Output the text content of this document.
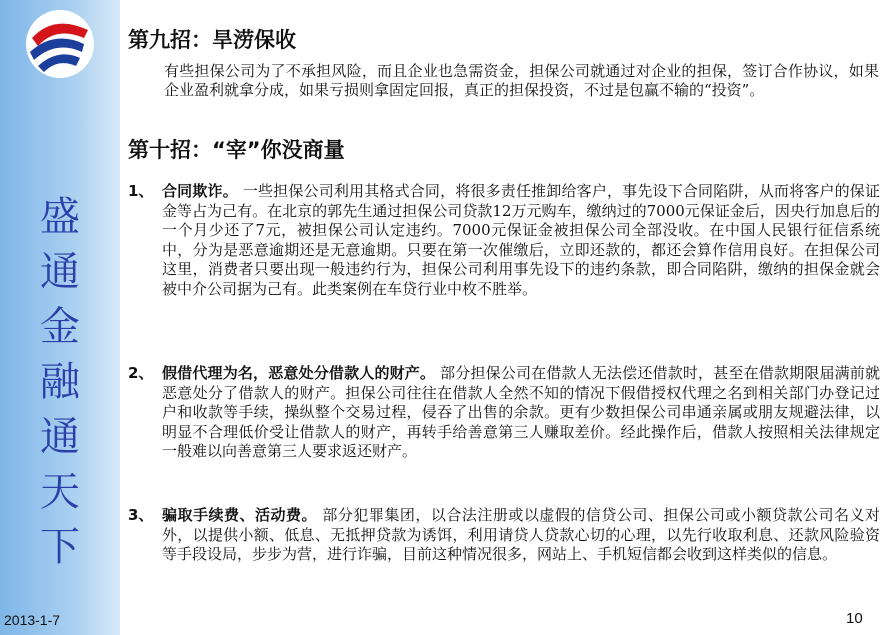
盛
通
金
融
通
天
下
2013-1-7
第九招：旱涝保收
有些担保公司为了不承担风险，而且企业也急需资金，担保公司就通过对企业的担保，签订合作协议，如果企业盈利就拿分成，如果亏损则拿固定回报，真正的担保投资，不过是包赢不输的“投资”。
第十招：“宰”你没商量
1、 合同欺诈。 一些担保公司利用其格式合同，将很多责任推卸给客户，事先设下合同陷阱，从而将客户的保证金等占为己有。在北京的郭先生通过担保公司贷款12万元购车，缴纳过的7000元保证金后，因央行加息后的一个月少还了7元，被担保公司认定违约。7000元保证金被担保公司全部没收。在中国人民银行征信系统中，分为是恶意逾期还是无意逾期。只要在第一次催缴后，立即还款的，都还会算作信用良好。在担保公司这里，消费者只要出现一般违约行为，担保公司利用事先设下的违约条款，即合同陷阱，缴纳的担保金就会被中介公司据为己有。此类案例在车贷行业中枚不胜举。
2、 假借代理为名，恶意处分借款人的财产。 部分担保公司在借款人无法偿还借款时，甚至在借款期限届满前就恶意处分了借款人的财产。担保公司往往在借款人全然不知的情况下假借授权代理之名到相关部门办登记过户和收款等手续，操纵整个交易过程，侵吞了出售的余款。更有少数担保公司串通亲属或朋友规避法律，以明显不合理低价受让借款人的财产，再转手给善意第三人赚取差价。经此操作后，借款人按照相关法律规定一般难以向善意第三人要求返还财产。
3、 骗取手续费、活动费。 部分犯罪集团，以合法注册或以虚假的信贷公司、担保公司或小额贷款公司名义对外，以提供小额、低息、无抵押贷款为诱饵，利用请贷人贷款心切的心理，以先行收取利息、还款风险验资等手段设局，步步为营，进行诈骗，目前这种情况很多，网站上、手机短信都会收到这样类似的信息。
10
